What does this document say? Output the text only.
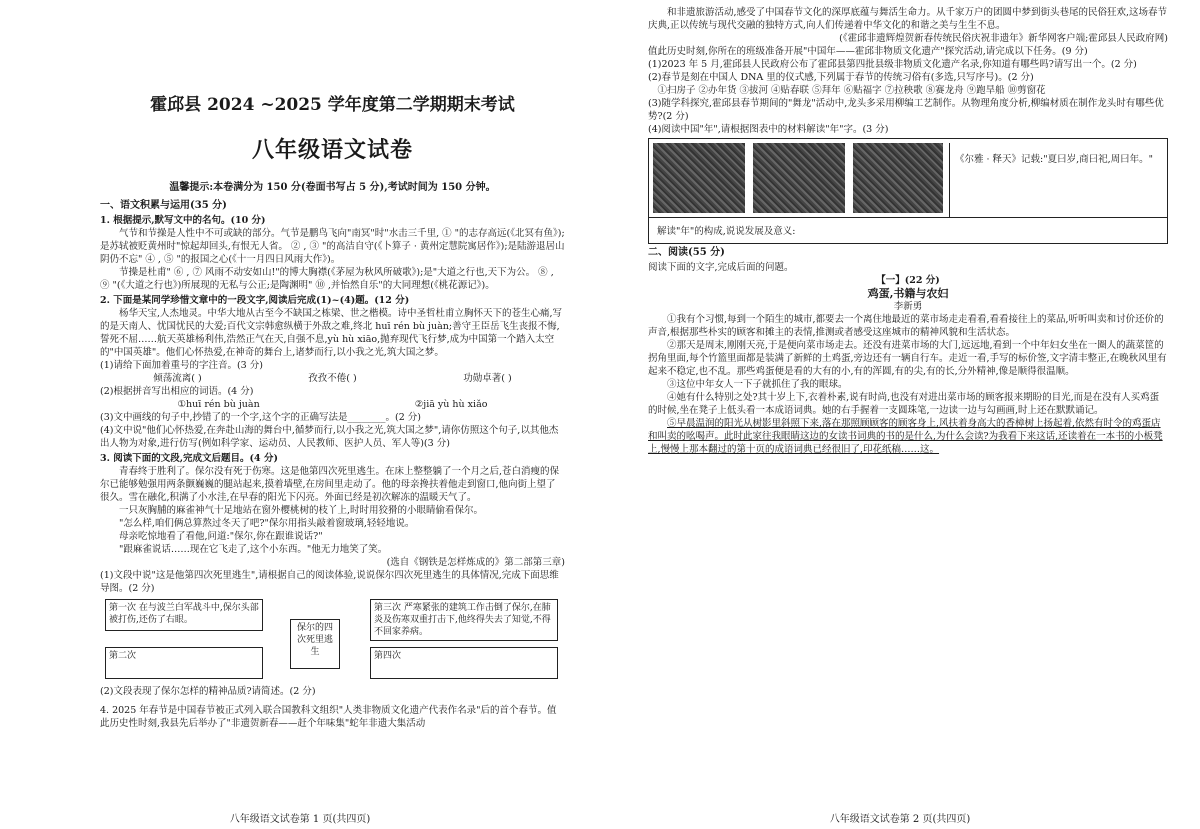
霍邱县 2024 ~2025 学年度第二学期期末考试
八年级语文试卷
温馨提示:本卷满分为 150 分(卷面书写占 5 分),考试时间为 150 分钟。
一、语文积累与运用(35 分)

1. 根据提示,默写文中的名句。(10 分)

气节和节操是人性中不可或缺的部分。气节是鹏鸟飞向"南冥"时"水击三千里, ① "的志存高远(《北冥有鱼》);是苏轼被贬黄州时"惊起却回头,有恨无人省。 ② , ③ "的高洁自守(《卜算子 · 黄州定慧院寓居作》);是陆游退居山阴仍不忘" ④ , ⑤ "的报国之心(《十一月四日风雨大作》)。

节操是杜甫" ⑥ , ⑦ 风雨不动安如山!"的博大胸襟(《茅屋为秋风所破歌》);是"大道之行也,天下为公。 ⑧ , ⑨ "(《大道之行也》)所展现的无私与公正;是陶渊明" ⑩ ,并怡然自乐"的大同理想(《桃花源记》)。

2. 下面是某同学珍惜文章中的一段文字,阅读后完成(1)~(4)题。(12 分)

杨华天宝,人杰地灵。中华大地从古至今不缺国之栋梁、世之楷模。诗中圣哲杜甫立胸怀天下的苍生心痛,写的是天南人、忧国忧民的大爱;百代文宗韩愈纵横于外敌之难,终北 huī rén bù juàn;善守王臣岳飞生丧报不悔,誓死不屈……航天英雄杨利伟,浩然正气在天,自强不息,yù hù xiāo,抛弃现代飞行梦,成为中国第一个踏入太空的"中国英雄"。他们心怀热爱,在神奇的舞台上,诸梦而行,以小我之光,筑大国之梦。

(1)请给下面加着重号的字注音。(3 分)

倾荡流离( )	孜孜不倦( )	功勋卓著( )

(2)根据拼音写出相应的词语。(4 分)

①huī rén bù juàn	②jiā yù hù xiǎo

(3)文中画线的句子中,抄错了的一个字,这个字的正确写法是________。(2 分)

(4)文中说"他们心怀热爱,在奔赴山海的舞台中,循梦而行,以小我之光,筑大国之梦",请你仿照这个句子,以其他杰出人物为对象,进行仿写(例如科学家、运动员、人民教师、医护人员、军人等)(3 分)

3. 阅读下面的文段,完成文后题目。(4 分)

青春终于胜利了。保尔没有死于伤寒。这是他第四次死里逃生。在床上整整躺了一个月之后,苍白消瘦的保尔已能够勉强用两条颤巍巍的腿站起来,摸着墙壁,在房间里走动了。他的母亲搀扶着他走到窗口,他向街上望了很久。雪在融化,积满了小水洼,在早春的阳光下闪亮。外面已经是初次解冻的温暖天气了。

一只灰胸脯的麻雀神气十足地站在窗外樱桃树的枝丫上,时时用狡猾的小眼睛偷看保尔。

"怎么样,咱们俩总算熬过冬天了吧?"保尔用指头敲着窗玻璃,轻轻地说。

母亲吃惊地看了看他,问道:"保尔,你在跟谁说话?"

"跟麻雀说话……现在它飞走了,这个小东西。"他无力地笑了笑。

(选自《钢铁是怎样炼成的》第二部第三章)

(1)文段中说"这是他第四次死里逃生",请根据自己的阅读体验,说说保尔四次死里逃生的具体情况,完成下面思维导图。(2 分)

第一次 在与波兰白军战斗中,保尔头部被打伤,还伤了右眼。
第二次
保尔的四次死里逃生
第三次 严寒紧张的建筑工作击倒了保尔,在肺炎及伤寒双重打击下,他终得失去了知觉,不得不回家养病。
第四次

(2)文段表现了保尔怎样的精神品质?请简述。(2 分)

4. 2025 年春节是中国春节被正式列入联合国教科文组织"人类非物质文化遗产代表作名录"后的首个春节。值此历史性时刻,我县先后举办了"非遗贺新春——赶个年味集"蛇年非遗大集活动

八年级语文试卷第 1 页(共四页)

和非遗旅游活动,感受了中国春节文化的深厚底蕴与舞活生命力。从千家万户的团圆中梦到街头巷尾的民俗狂欢,这场春节庆典,正以传统与现代交融的独特方式,向人们传递着中华文化的和谐之美与生生不息。

(《霍邱非遗辉煌贺新春传统民俗庆祝非遗年》新华网客户端;霍邱县人民政府网)

值此历史时刻,你所在的班级准备开展"中国年——霍邱非物质文化遗产"探究活动,请完成以下任务。(9 分)

(1)2023 年 5 月,霍邱县人民政府公布了霍邱县第四批县级非物质文化遗产名录,你知道有哪些吗?请写出一个。(2 分)

(2)春节是刻在中国人 DNA 里的仪式感,下列属于春节的传统习俗有(多选,只写序号)。(2 分)

①扫房子 ②办年货 ③拔河 ④贴春联 ⑤拜年 ⑥贴福字 ⑦拉秧歌 ⑧赛龙舟 ⑨跑旱船 ⑩剪窗花

(3)随学科探究,霍邱县春节期间的"舞龙"活动中,龙头多采用柳编工艺制作。从物理角度分析,柳编材质在制作龙头时有哪些优势?(2 分)

(4)阅读中国"年",请根据图表中的材料解读"年"字。(3 分)

《尔雅 · 释天》记载:"夏曰岁,商曰祀,周曰年。"
解读"年"的构成,说说发展及意义:
二、阅读(55 分)

阅读下面的文字,完成后面的问题。

【一】(22 分)

鸡蛋,书籍与农妇

李新勇

①我有个习惯,每到一个陌生的城市,都要去一个离住地最近的菜市场走走看看,看看接往上的菜品,听听叫卖和讨价还价的声音,根据那些朴实的顾客和摊主的表情,推测或者感受这座城市的精神风貌和生活状态。

②那天是周末,刚刚天亮,于是便向菜市场走去。还没有进菜市场的大门,远远地,看到一个中年妇女坐在一圈人的蔬菜筐的拐角里面,每个竹篮里面都是装满了新鲜的土鸡蛋,旁边还有一辆自行车。走近一看,手写的标价签,文字清丰整正,在晚秋风里有起来不稳定,也不乱。那些鸡蛋便是看的大有的小,有的浑圆,有的尖,有的长,分外精神,像是顺得很温顺。

③这位中年女人一下子就抓住了我的眼球。

④她有什么特别之处?其十岁上下,衣着朴素,说有时尚,也没有对进出菜市场的顾客报来期盼的目光,而是在没有人买鸡蛋的时候,坐在凳子上低头看一本成语词典。她的右手握着一支圆珠笔,一边读一边与勾画画,时上还在默默诵记。

⑤早晨温润的阳光从树影里斜照下来,落在那照顾顾客的顾客身上,风扶着身高大的香樟树上扬起着,依然有时令的鸡蛋店和叫卖的吆喝声。此时此家往我眼睛这边的女读书词典的书的是什么,为什么会读?为我看下来这话,还读着在一本书的小板凳上,慢慢上那本翻过的第十页的成语词典已经很旧了,印花纸稿……这。

八年级语文试卷第 2 页(共四页)
